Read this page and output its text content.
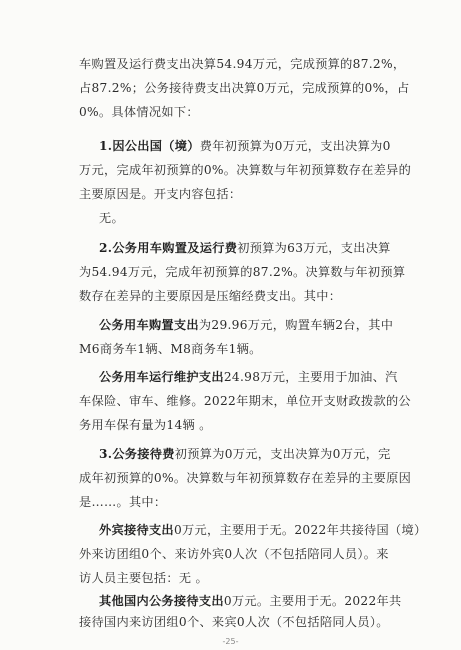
车购置及运行费支出决算54.94万元，完成预算的87.2%，
占87.2%；公务接待费支出决算0万元，完成预算的0%，占
0%。具体情况如下：
1.因公出国（境）费年初预算为0万元，支出决算为0
万元，完成年初预算的0%。决算数与年初预算数存在差异的
主要原因是。开支内容包括：
无。
2.公务用车购置及运行费初预算为63万元，支出决算
为54.94万元，完成年初预算的87.2%。决算数与年初预算
数存在差异的主要原因是压缩经费支出。其中：
公务用车购置支出为29.96万元，购置车辆2台，其中
M6商务车1辆、M8商务车1辆。
公务用车运行维护支出24.98万元，主要用于加油、汽
车保险、审车、维修。2022年期末，单位开支财政拨款的公
务用车保有量为14辆 。
3.公务接待费初预算为0万元，支出决算为0万元，完
成年初预算的0%。决算数与年初预算数存在差异的主要原因
是……。其中：
外宾接待支出0万元，主要用于无。2022年共接待国（境）
外来访团组0个、来访外宾0人次（不包括陪同人员）。来
访人员主要包括：无 。
其他国内公务接待支出0万元。主要用于无。2022年共
接待国内来访团组0个、来宾0人次（不包括陪同人员）。
-25-
